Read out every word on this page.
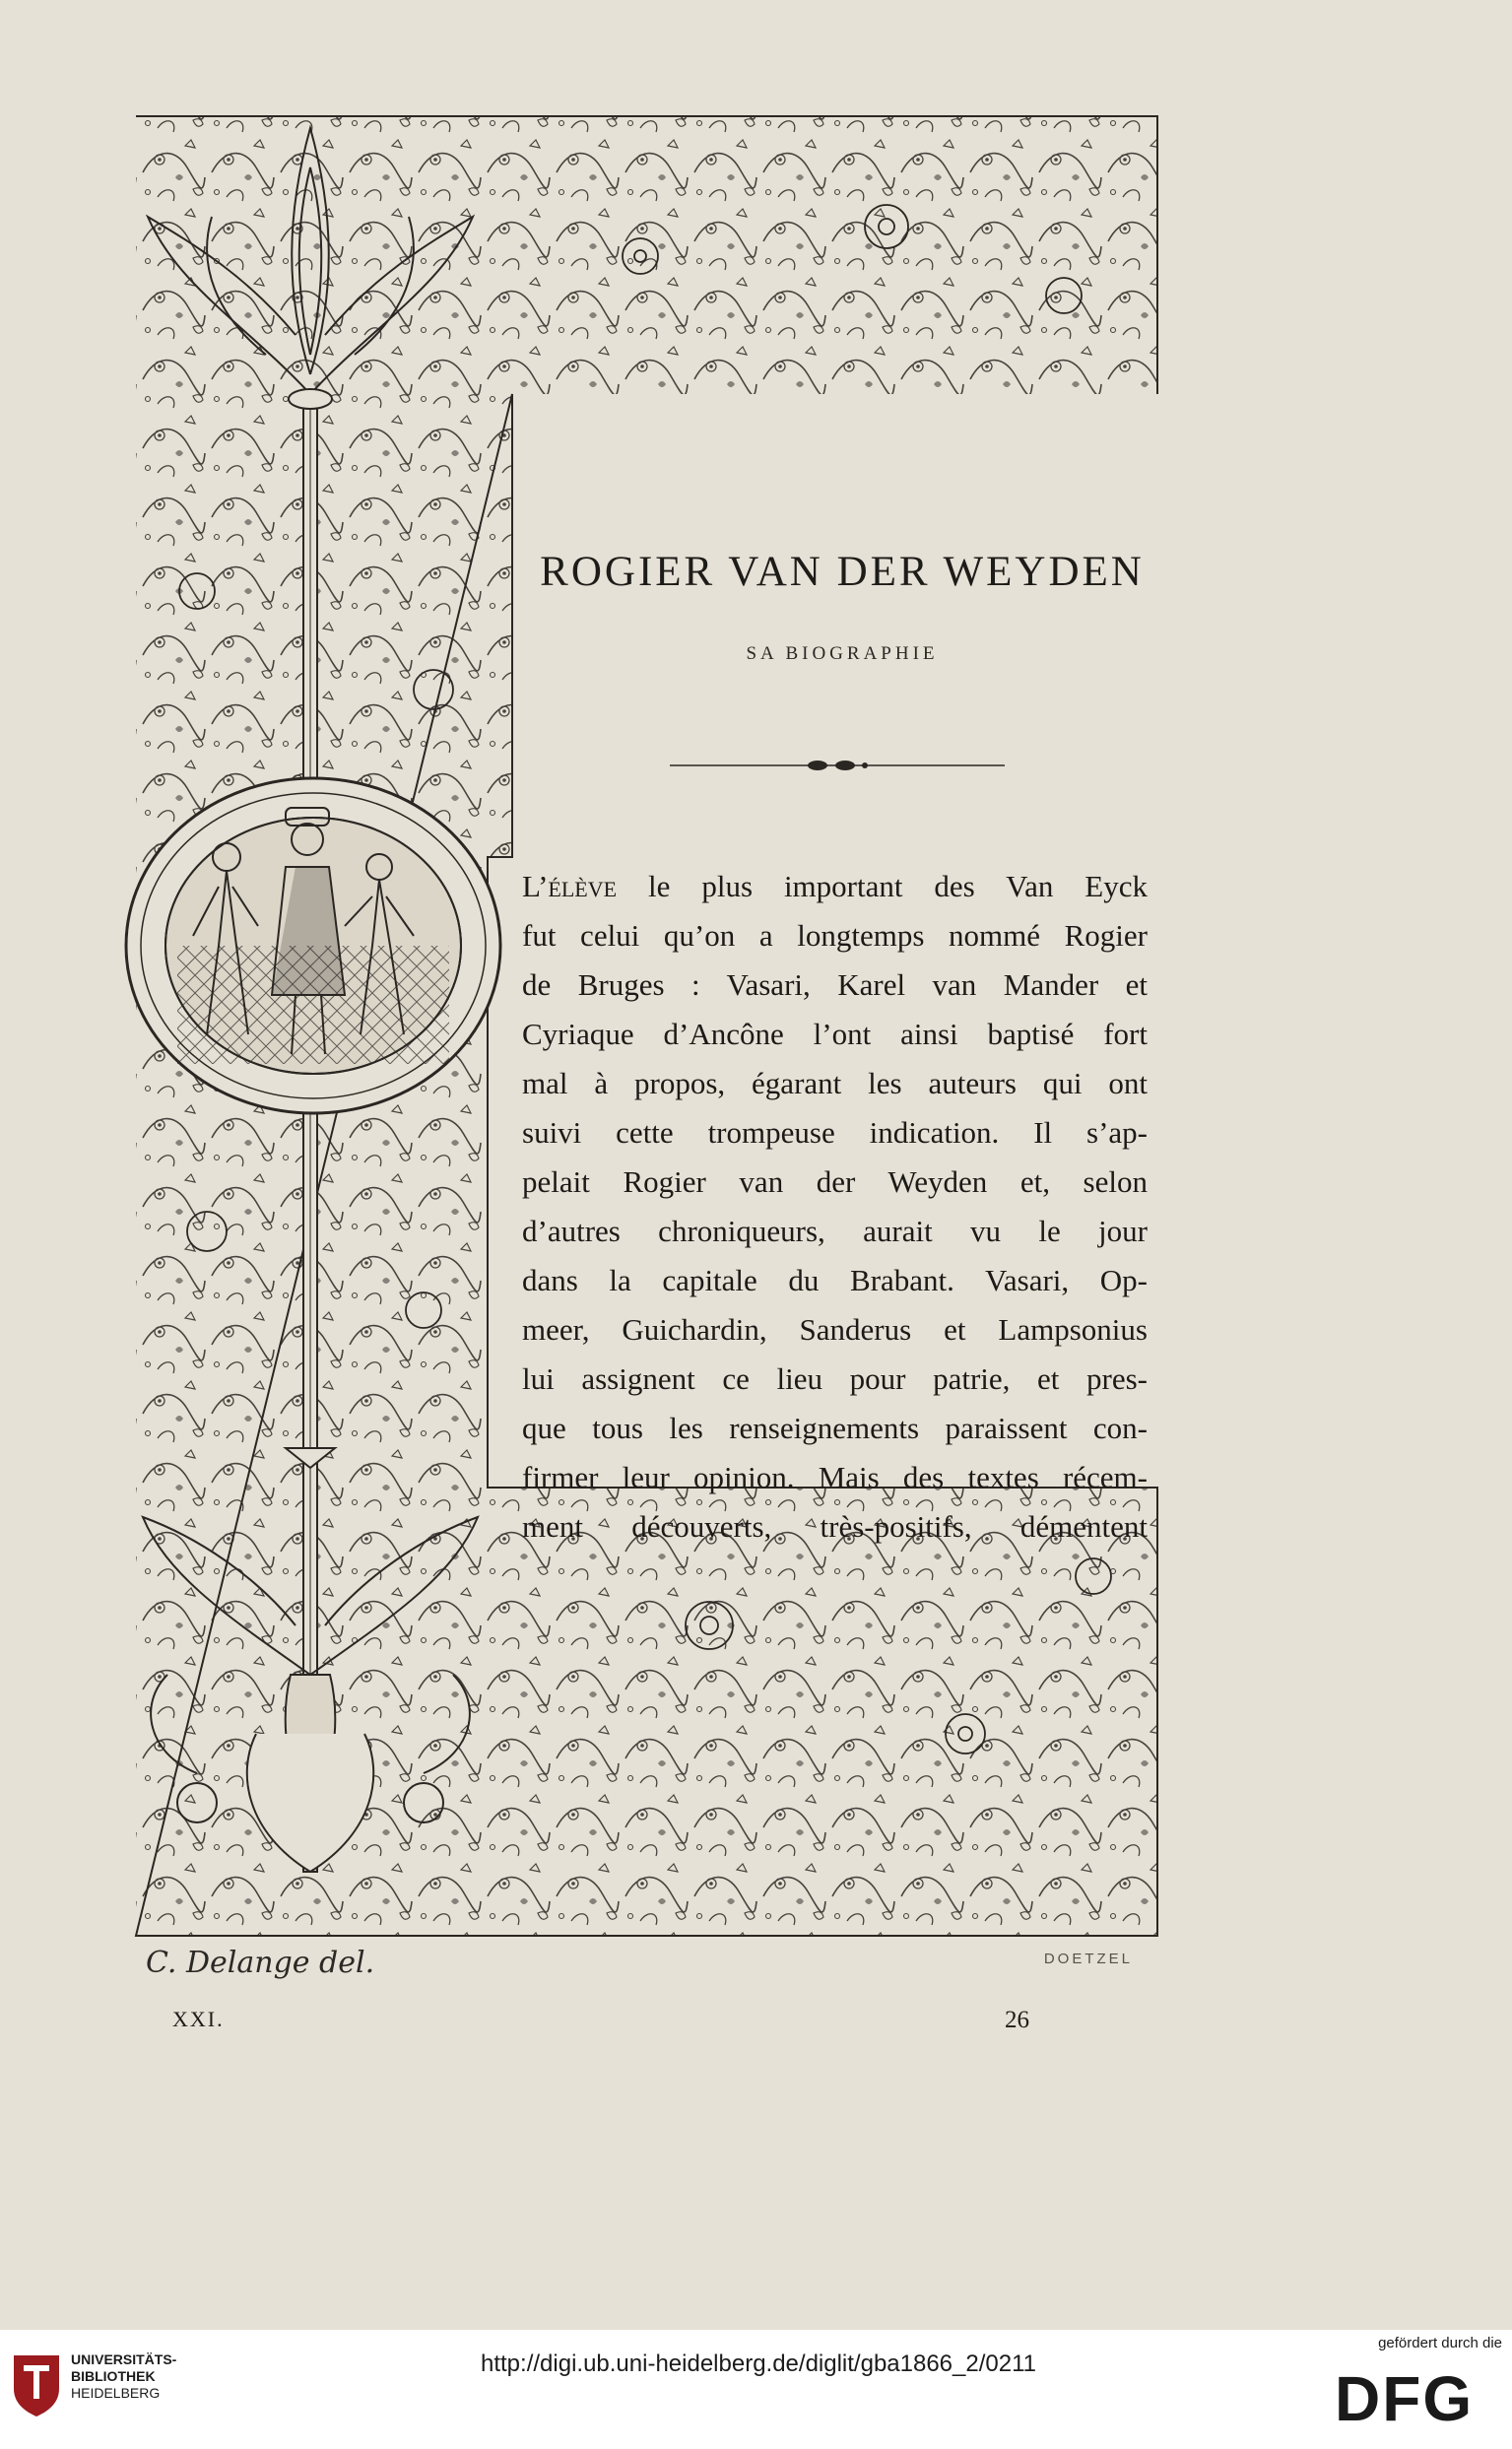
ROGIER VAN DER WEYDEN
SA BIOGRAPHIE
L’élève le plus important des Van Eyck
fut celui qu’on a longtemps nommé Rogier
de Bruges : Vasari, Karel van Mander et
Cyriaque d’Ancône l’ont ainsi baptisé fort
mal à propos, égarant les auteurs qui ont
suivi cette trompeuse indication. Il s’ap-
pelait Rogier van der Weyden et, selon
d’autres chroniqueurs, aurait vu le jour
dans la capitale du Brabant. Vasari, Op-
meer, Guichardin, Sanderus et Lampsonius
lui assignent ce lieu pour patrie, et pres-
que tous les renseignements paraissent con-
firmer leur opinion. Mais des textes récem-
ment découverts, très-positifs, démentent
C. Delange del.	DOETZEL
XXI.	26
UNIVERSITÄTS-
BIBLIOTHEK
HEIDELBERG
http://digi.ub.uni-heidelberg.de/diglit/gba1866_2/0211
gefördert durch die
DFG
